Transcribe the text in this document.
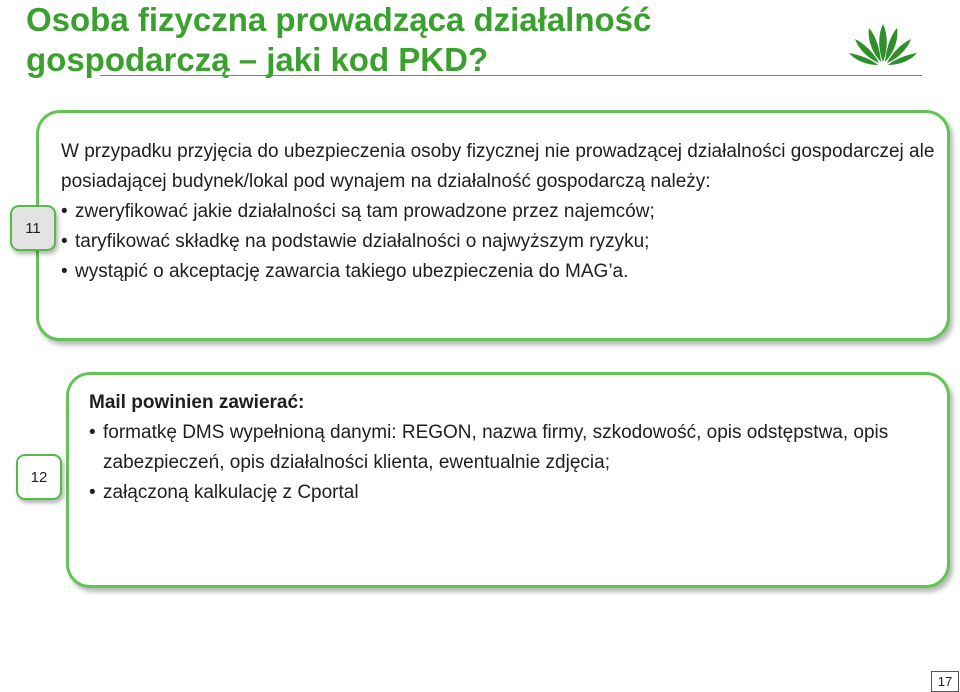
Osoba fizyczna prowadząca działalność
gospodarczą – jaki kod PKD?

W przypadku przyjęcia do ubezpieczenia osoby fizycznej nie prowadzącej działalności gospodarczej ale posiadającej budynek/lokal pod wynajem na działalność gospodarczą należy:

• zweryfikować jakie działalności są tam prowadzone przez najemców;
• taryfikować składkę na podstawie działalności o najwyższym ryzyku;
• wystąpić o akceptację zawarcia takiego ubezpieczenia do MAG’a.
11

Mail powinien zawierać:

• formatkę DMS wypełnioną danymi: REGON, nazwa firmy, szkodowość, opis odstępstwa, opis zabezpieczeń, opis działalności klienta, ewentualnie zdjęcia;
• załączoną kalkulację z Cportal
12
17
